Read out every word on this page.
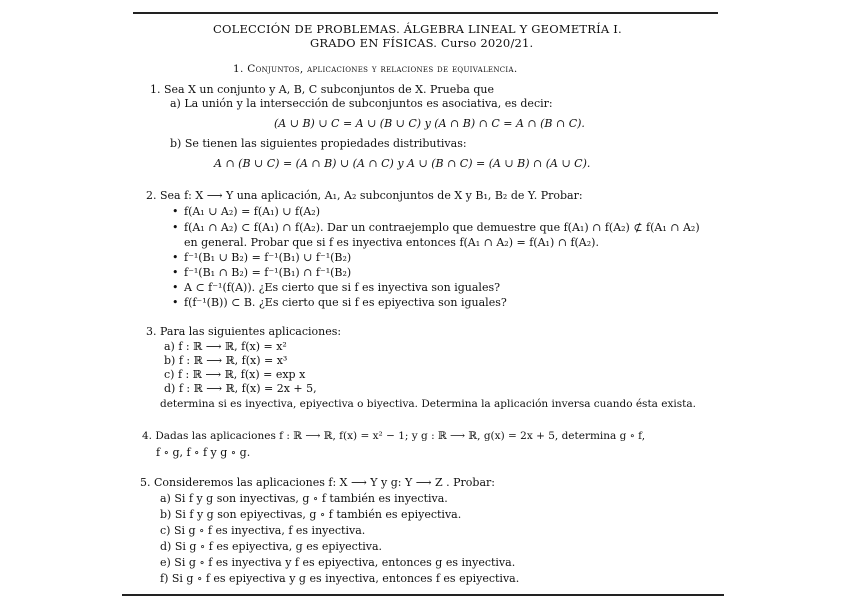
COLECCIÓN DE PROBLEMAS. ÁLGEBRA LINEAL Y GEOMETRÍA I.
GRADO EN FÍSICAS. Curso 2020/21.
1. Conjuntos, aplicaciones y relaciones de equivalencia.
1. Sea X un conjunto y A, B, C subconjuntos de X. Prueba que
a) La unión y la intersección de subconjuntos es asociativa, es decir:
(A ∪ B) ∪ C = A ∪ (B ∪ C) y (A ∩ B) ∩ C = A ∩ (B ∩ C).
b) Se tienen las siguientes propiedades distributivas:
A ∩ (B ∪ C) = (A ∩ B) ∪ (A ∩ C) y A ∪ (B ∩ C) = (A ∪ B) ∩ (A ∪ C).
2. Sea f: X ⟶ Y una aplicación, A₁, A₂ subconjuntos de X y B₁, B₂ de Y. Probar:
• f(A₁ ∪ A₂) = f(A₁) ∪ f(A₂)
• f(A₁ ∩ A₂) ⊂ f(A₁) ∩ f(A₂). Dar un contraejemplo que demuestre que f(A₁) ∩ f(A₂) ⊄ f(A₁ ∩ A₂)
en general. Probar que si f es inyectiva entonces f(A₁ ∩ A₂) = f(A₁) ∩ f(A₂).
• f⁻¹(B₁ ∪ B₂) = f⁻¹(B₁) ∪ f⁻¹(B₂)
• f⁻¹(B₁ ∩ B₂) = f⁻¹(B₁) ∩ f⁻¹(B₂)
• A ⊂ f⁻¹(f(A)). ¿Es cierto que si f es inyectiva son iguales?
• f(f⁻¹(B)) ⊂ B. ¿Es cierto que si f es epiyectiva son iguales?
3. Para las siguientes aplicaciones:
a) f : ℝ ⟶ ℝ, f(x) = x²
b) f : ℝ ⟶ ℝ, f(x) = x³
c) f : ℝ ⟶ ℝ, f(x) = exp x
d) f : ℝ ⟶ ℝ, f(x) = 2x + 5,
determina si es inyectiva, epiyectiva o biyectiva. Determina la aplicación inversa cuando ésta exista.
4. Dadas las aplicaciones f : ℝ ⟶ ℝ, f(x) = x² − 1; y g : ℝ ⟶ ℝ, g(x) = 2x + 5, determina g ∘ f,
f ∘ g, f ∘ f y g ∘ g.
5. Consideremos las aplicaciones f: X ⟶ Y y g: Y ⟶ Z . Probar:
a) Si f y g son inyectivas, g ∘ f también es inyectiva.
b) Si f y g son epiyectivas, g ∘ f también es epiyectiva.
c) Si g ∘ f es inyectiva, f es inyectiva.
d) Si g ∘ f es epiyectiva, g es epiyectiva.
e) Si g ∘ f es inyectiva y f es epiyectiva, entonces g es inyectiva.
f) Si g ∘ f es epiyectiva y g es inyectiva, entonces f es epiyectiva.
